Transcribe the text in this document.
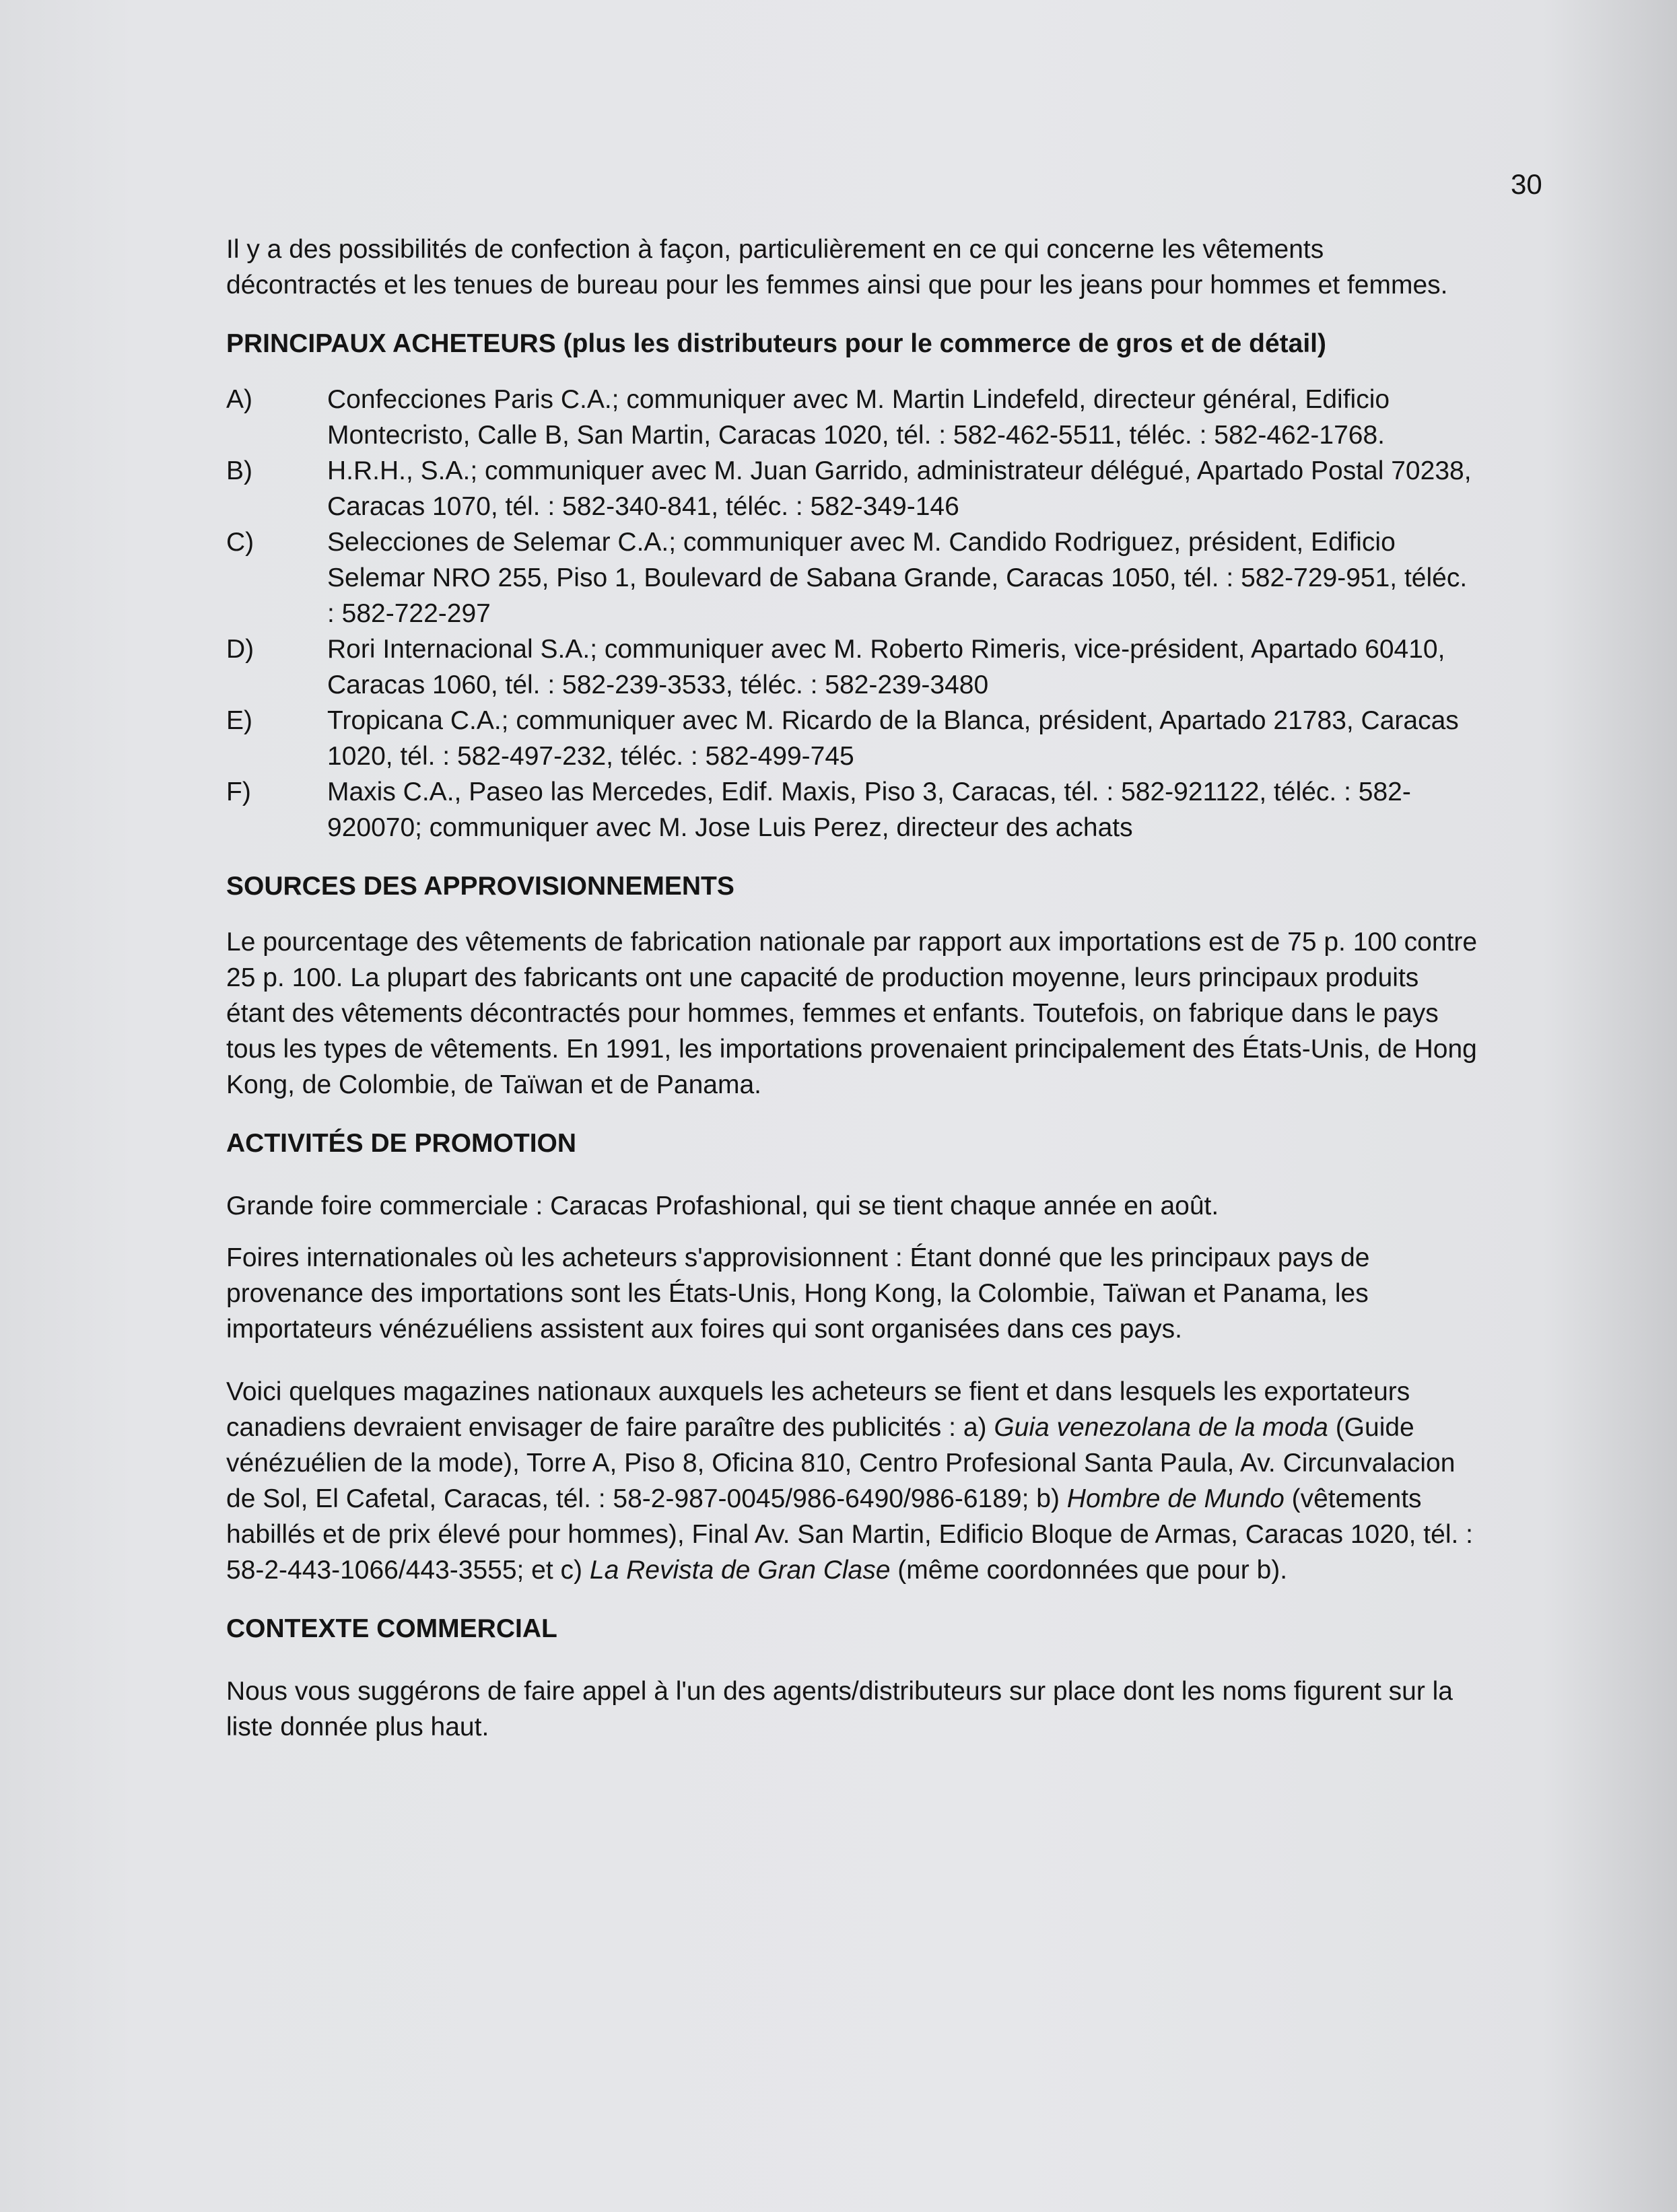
30

Il y a des possibilités de confection à façon, particulièrement en ce qui concerne les vêtements décontractés et les tenues de bureau pour les femmes ainsi que pour les jeans pour hommes et femmes.

PRINCIPAUX ACHETEURS (plus les distributeurs pour le commerce de gros et de détail)
A)	Confecciones Paris C.A.; communiquer avec M. Martin Lindefeld, directeur général, Edificio Montecristo, Calle B, San Martin, Caracas 1020, tél. : 582-462-5511, téléc. : 582-462-1768.
B)	H.R.H., S.A.; communiquer avec M. Juan Garrido, administrateur délégué, Apartado Postal 70238, Caracas 1070, tél. : 582-340-841, téléc. : 582-349-146
C)	Selecciones de Selemar C.A.; communiquer avec M. Candido Rodriguez, président, Edificio Selemar NRO 255, Piso 1, Boulevard de Sabana Grande, Caracas 1050, tél. : 582-729-951, téléc. : 582-722-297
D)	Rori Internacional S.A.; communiquer avec M. Roberto Rimeris, vice-président, Apartado 60410, Caracas 1060, tél. : 582-239-3533, téléc. : 582-239-3480
E)	Tropicana C.A.; communiquer avec M. Ricardo de la Blanca, président, Apartado 21783, Caracas 1020, tél. : 582-497-232, téléc. : 582-499-745
F)	Maxis C.A., Paseo las Mercedes, Edif. Maxis, Piso 3, Caracas, tél. : 582-921122, téléc. : 582-920070; communiquer avec M. Jose Luis Perez, directeur des achats
SOURCES DES APPROVISIONNEMENTS

Le pourcentage des vêtements de fabrication nationale par rapport aux importations est de 75 p. 100 contre 25 p. 100. La plupart des fabricants ont une capacité de production moyenne, leurs principaux produits étant des vêtements décontractés pour hommes, femmes et enfants. Toutefois, on fabrique dans le pays tous les types de vêtements. En 1991, les importations provenaient principalement des États-Unis, de Hong Kong, de Colombie, de Taïwan et de Panama.

ACTIVITÉS DE PROMOTION

Grande foire commerciale : Caracas Profashional, qui se tient chaque année en août.

Foires internationales où les acheteurs s'approvisionnent : Étant donné que les principaux pays de provenance des importations sont les États-Unis, Hong Kong, la Colombie, Taïwan et Panama, les importateurs vénézuéliens assistent aux foires qui sont organisées dans ces pays.

Voici quelques magazines nationaux auxquels les acheteurs se fient et dans lesquels les exportateurs canadiens devraient envisager de faire paraître des publicités : a) Guia venezolana de la moda (Guide vénézuélien de la mode), Torre A, Piso 8, Oficina 810, Centro Profesional Santa Paula, Av. Circunvalacion de Sol, El Cafetal, Caracas, tél. : 58-2-987-0045/986-6490/986-6189; b) Hombre de Mundo (vêtements habillés et de prix élevé pour hommes), Final Av. San Martin, Edificio Bloque de Armas, Caracas 1020, tél. : 58-2-443-1066/443-3555; et c) La Revista de Gran Clase (même coordonnées que pour b).

CONTEXTE COMMERCIAL

Nous vous suggérons de faire appel à l'un des agents/distributeurs sur place dont les noms figurent sur la liste donnée plus haut.
